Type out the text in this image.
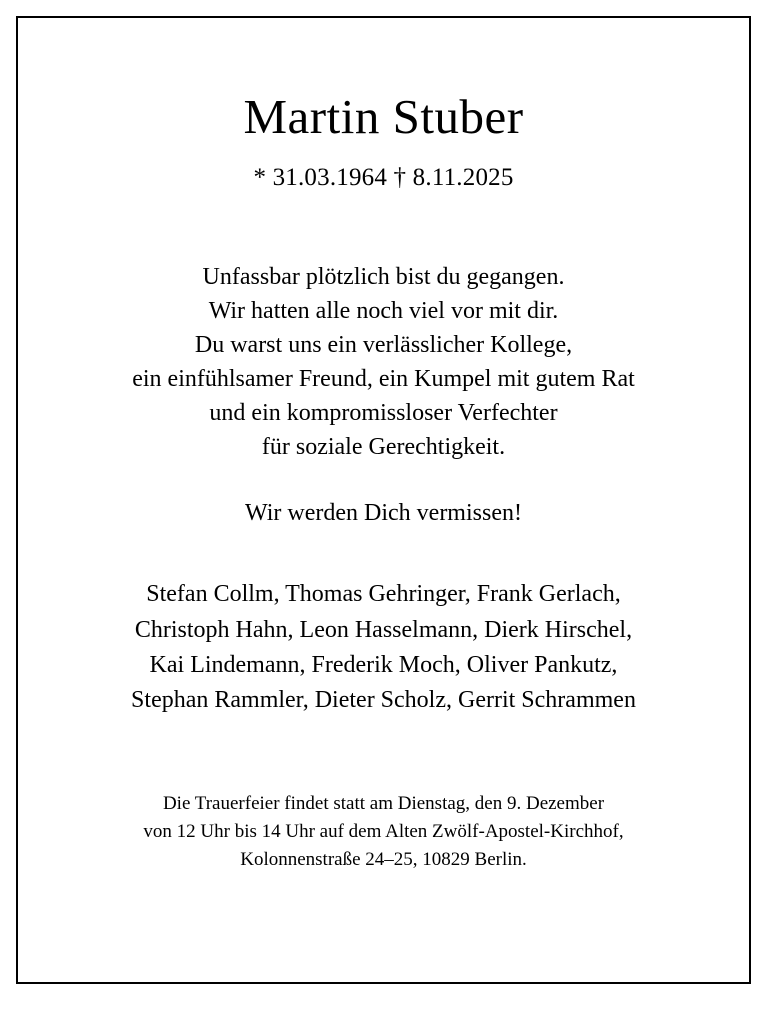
Martin Stuber
* 31.03.1964 † 8.11.2025
Unfassbar plötzlich bist du gegangen.
Wir hatten alle noch viel vor mit dir.
Du warst uns ein verlässlicher Kollege,
ein einfühlsamer Freund, ein Kumpel mit gutem Rat
und ein kompromissloser Verfechter
für soziale Gerechtigkeit.
Wir werden Dich vermissen!
Stefan Collm, Thomas Gehringer, Frank Gerlach,
Christoph Hahn, Leon Hasselmann, Dierk Hirschel,
Kai Lindemann, Frederik Moch, Oliver Pankutz,
Stephan Rammler, Dieter Scholz, Gerrit Schrammen
Die Trauerfeier findet statt am Dienstag, den 9. Dezember
von 12 Uhr bis 14 Uhr auf dem Alten Zwölf-Apostel-Kirchhof,
Kolonnenstraße 24–25, 10829 Berlin.
